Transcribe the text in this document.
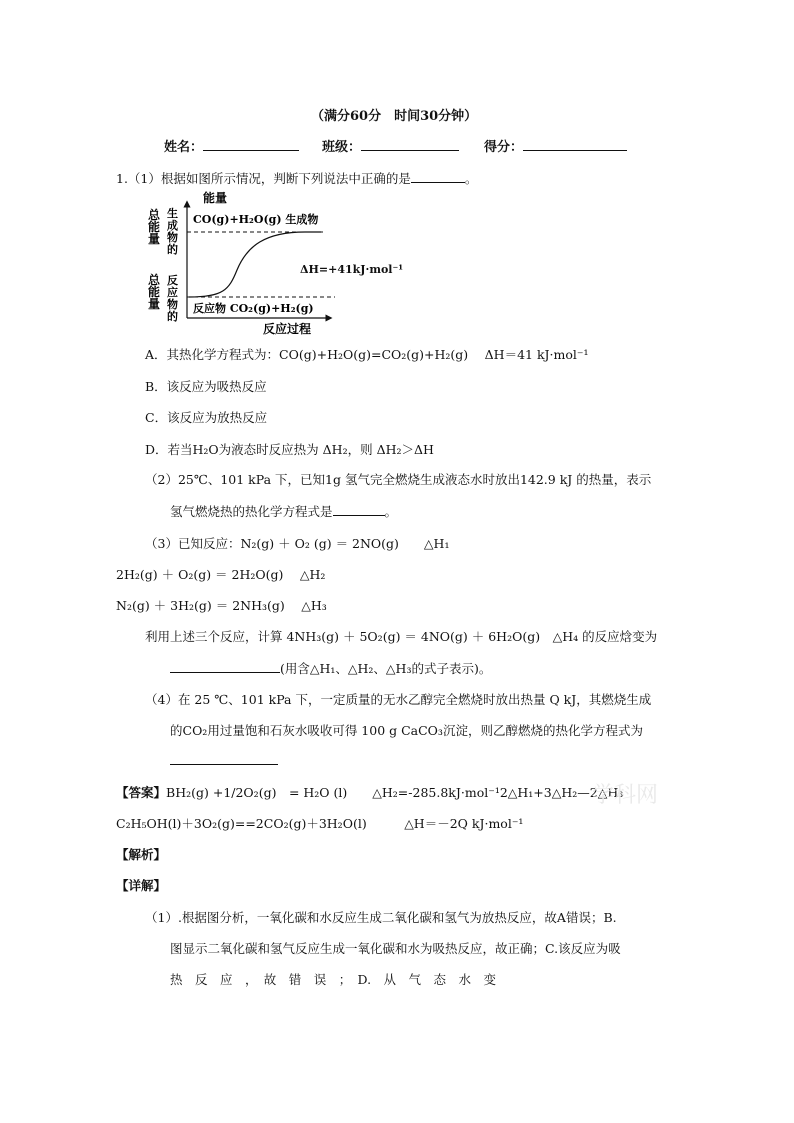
（满分60分　时间30分钟）
姓名：	班级：	得分：
1.（1）根据如图所示情况，判断下列说法中正确的是	。
能量
反应过程
总
能
量
总
能
量
生
成
物
的
反
应
物
的
CO(g)+H₂O(g) 生成物
反应物 CO₂(g)+H₂(g)
ΔH=+41kJ·mol⁻¹
A．其热化学方程式为：CO(g)+H₂O(g)=CO₂(g)+H₂(g)　 ΔH＝41 kJ·mol⁻¹
B．该反应为吸热反应
C．该反应为放热反应
D．若当H₂O为液态时反应热为 ΔH₂，则 ΔH₂＞ΔH
（2）25℃、101 kPa 下，已知1g 氢气完全燃烧生成液态水时放出142.9 kJ 的热量，表示
氢气燃烧热的热化学方程式是	。
（3）已知反应：N₂(g) ＋ O₂ (g) ＝ 2NO(g)　　△H₁
2H₂(g) ＋ O₂(g) ＝ 2H₂O(g)　 △H₂
N₂(g) ＋ 3H₂(g) ＝ 2NH₃(g)　 △H₃
利用上述三个反应，计算 4NH₃(g) ＋ 5O₂(g) ＝ 4NO(g) ＋ 6H₂O(g)　△H₄ 的反应焓变为
(用含△H₁、△H₂、△H₃的式子表示)。
（4）在 25 ℃、101 kPa 下，一定质量的无水乙醇完全燃烧时放出热量 Q kJ，其燃烧生成
的CO₂用过量饱和石灰水吸收可得 100 g CaCO₃沉淀，则乙醇燃烧的热化学方程式为
【答案】BH₂(g) +1/2O₂(g)　= H₂O (l)　　△H₂=-285.8kJ·mol⁻¹2△H₁+3△H₂—2△H₃
学科网
C₂H₅OH(l)＋3O₂(g)==2CO₂(g)＋3H₂O(l)　　　△H＝－2Q kJ·mol⁻¹
【解析】
【详解】
（1）.根据图分析，一氧化碳和水反应生成二氧化碳和氢气为放热反应，故A错误；B.
图显示二氧化碳和氢气反应生成一氧化碳和水为吸热反应，故正确；C.该反应为吸
热　反　应　，　故　错　误　；　D.　从　气　态　水　变
